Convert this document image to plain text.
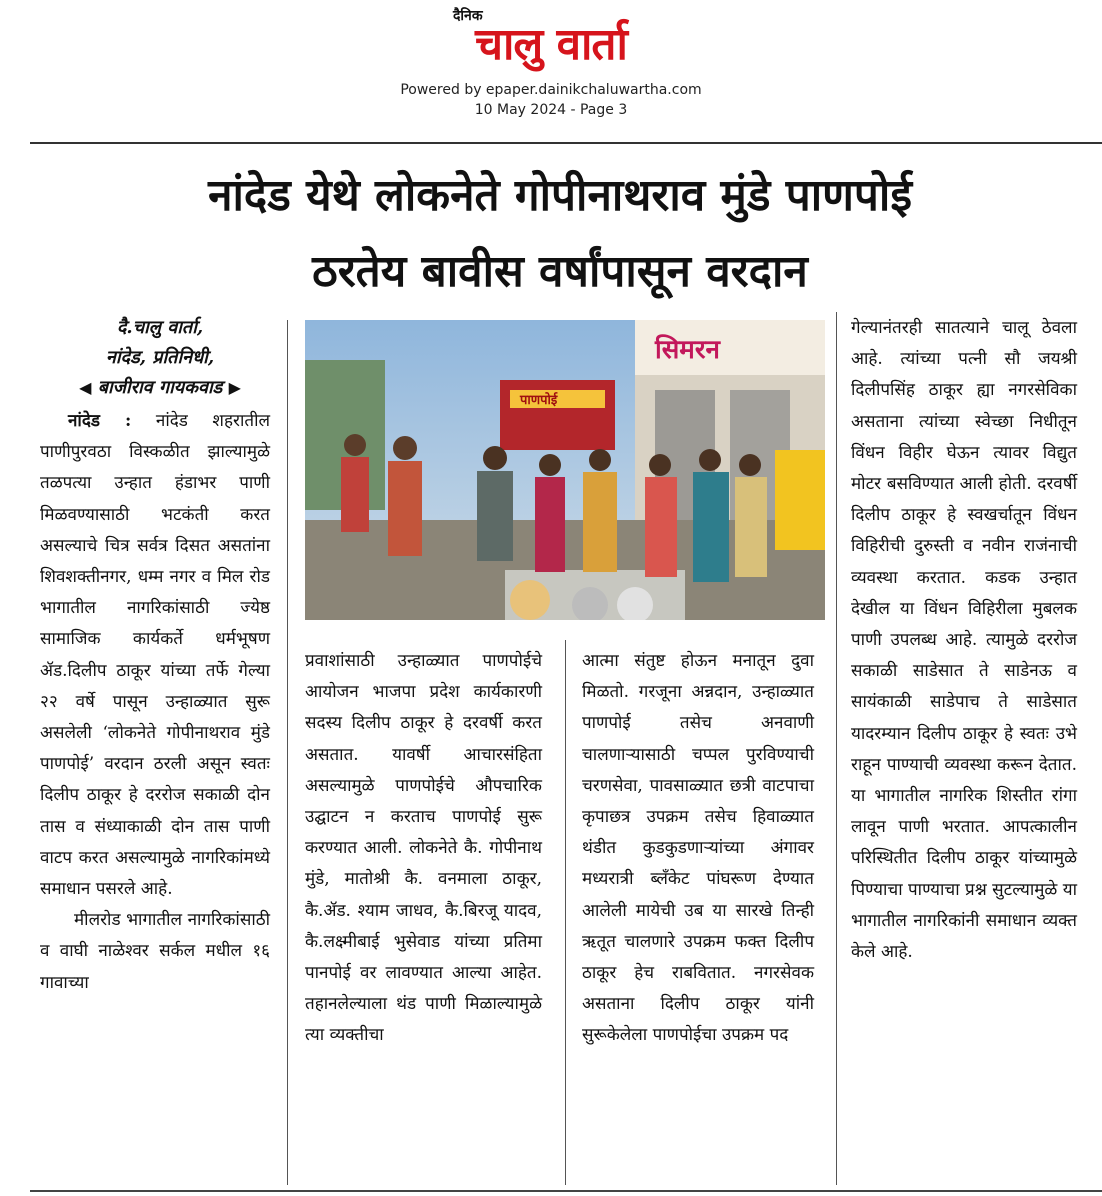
दैनिक
चालु वार्ता
Powered by epaper.dainikchaluwartha.com
10 May 2024 - Page 3
नांदेड येथे लोकनेते गोपीनाथराव मुंडे पाणपोई
ठरतेय बावीस वर्षांपासून वरदान
दै.चालु वार्ता,
नांदेड, प्रतिनिधी,
◀ बाजीराव गायकवाड ▶

नांदेड : नांदेड शहरातील पाणीपुरवठा विस्कळीत झाल्यामुळे तळपत्या उन्हात हंडाभर पाणी मिळवण्यासाठी भटकंती करत असल्याचे चित्र सर्वत्र दिसत असतांना शिवशक्तीनगर, धम्म नगर व मिल रोड भागातील नागरिकांसाठी ज्येष्ठ सामाजिक कार्यकर्ते धर्मभूषण ॲड.दिलीप ठाकूर यांच्या तर्फे गेल्या २२ वर्षे पासून उन्हाळ्यात सुरू असलेली ‘लोकनेते गोपीनाथराव मुंडे पाणपोई’ वरदान ठरली असून स्वतः दिलीप ठाकूर हे दररोज सकाळी दोन तास व संध्याकाळी दोन तास पाणी वाटप करत असल्यामुळे नागरिकांमध्ये समाधान पसरले आहे.

मीलरोड भागातील नागरिकांसाठी व वाघी नाळेश्वर सर्कल मधील १६ गावाच्या

सिमरन
पाणपोई

प्रवाशांसाठी उन्हाळ्यात पाणपोईचे आयोजन भाजपा प्रदेश कार्यकारणी सदस्य दिलीप ठाकूर हे दरवर्षी करत असतात. यावर्षी आचारसंहिता असल्यामुळे पाणपोईचे औपचारिक उद्घाटन न करताच पाणपोई सुरू करण्यात आली. लोकनेते कै. गोपीनाथ मुंडे, मातोश्री कै. वनमाला ठाकूर, कै.ॲड. श्याम जाधव, कै.बिरजू यादव, कै.लक्ष्मीबाई भुसेवाड यांच्या प्रतिमा पानपोई वर लावण्यात आल्या आहेत. तहानलेल्याला थंड पाणी मिळाल्यामुळे त्या व्यक्तीचा

आत्मा संतुष्ट होऊन मनातून दुवा मिळतो. गरजूना अन्नदान, उन्हाळ्यात पाणपोई तसेच अनवाणी चालणाऱ्यासाठी चप्पल पुरविण्याची चरणसेवा, पावसाळ्यात छत्री वाटपाचा कृपाछत्र उपक्रम तसेच हिवाळ्यात थंडीत कुडकुडणाऱ्यांच्या अंगावर मध्यरात्री ब्लँकेट पांघरूण देण्यात आलेली मायेची उब या सारखे तिन्ही ऋतूत चालणारे उपक्रम फक्त दिलीप ठाकूर हेच राबवितात. नगरसेवक असताना दिलीप ठाकूर यांनी सुरूकेलेला पाणपोईचा उपक्रम पद

गेल्यानंतरही सातत्याने चालू ठेवला आहे. त्यांच्या पत्नी सौ जयश्री दिलीपसिंह ठाकूर ह्या नगरसेविका असताना त्यांच्या स्वेच्छा निधीतून विंधन विहीर घेऊन त्यावर विद्युत मोटर बसविण्यात आली होती. दरवर्षी दिलीप ठाकूर हे स्वखर्चातून विंधन विहिरीची दुरुस्ती व नवीन राजंनाची व्यवस्था करतात. कडक उन्हात देखील या विंधन विहिरीला मुबलक पाणी उपलब्ध आहे. त्यामुळे दररोज सकाळी साडेसात ते साडेनऊ व सायंकाळी साडेपाच ते साडेसात यादरम्यान दिलीप ठाकूर हे स्वतः उभे राहून पाण्याची व्यवस्था करून देतात. या भागातील नागरिक शिस्तीत रांगा लावून पाणी भरतात. आपत्कालीन परिस्थितीत दिलीप ठाकूर यांच्यामुळे पिण्याचा पाण्याचा प्रश्न सुटल्यामुळे या भागातील नागरिकांनी समाधान व्यक्त केले आहे.
